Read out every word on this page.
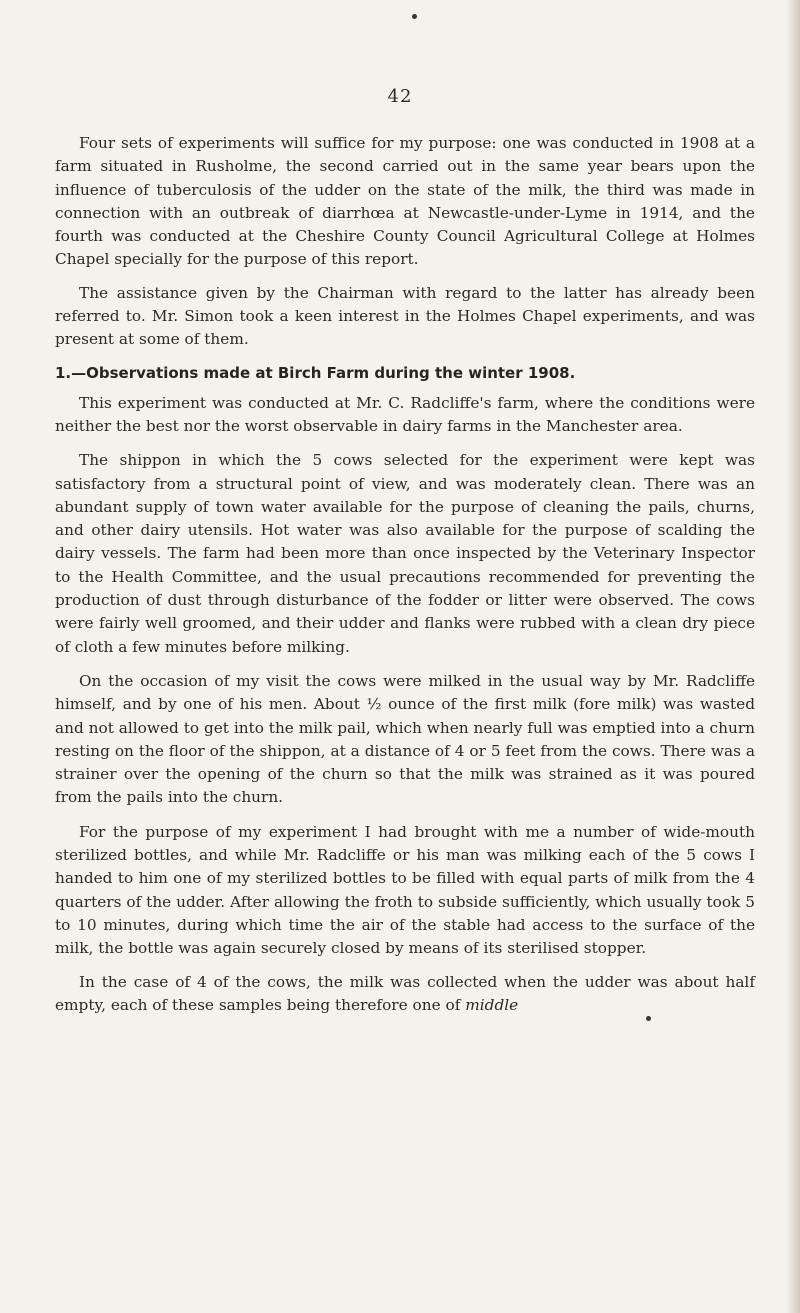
42

Four sets of experiments will suffice for my purpose: one was conducted in 1908 at a farm situated in Rusholme, the second carried out in the same year bears upon the influence of tuberculosis of the udder on the state of the milk, the third was made in connection with an outbreak of diarrhœa at Newcastle-under-Lyme in 1914, and the fourth was conducted at the Cheshire County Council Agricultural College at Holmes Chapel specially for the purpose of this report.

The assistance given by the Chairman with regard to the latter has already been referred to. Mr. Simon took a keen interest in the Holmes Chapel experiments, and was present at some of them.

1.—Observations made at Birch Farm during the winter 1908.

This experiment was conducted at Mr. C. Radcliffe's farm, where the conditions were neither the best nor the worst observable in dairy farms in the Manchester area.

The shippon in which the 5 cows selected for the experiment were kept was satisfactory from a structural point of view, and was moderately clean. There was an abundant supply of town water available for the purpose of cleaning the pails, churns, and other dairy utensils. Hot water was also available for the purpose of scalding the dairy vessels. The farm had been more than once inspected by the Veterinary Inspector to the Health Committee, and the usual precautions recommended for preventing the production of dust through disturbance of the fodder or litter were observed. The cows were fairly well groomed, and their udder and flanks were rubbed with a clean dry piece of cloth a few minutes before milking.

On the occasion of my visit the cows were milked in the usual way by Mr. Radcliffe himself, and by one of his men. About ½ ounce of the first milk (fore milk) was wasted and not allowed to get into the milk pail, which when nearly full was emptied into a churn resting on the floor of the shippon, at a distance of 4 or 5 feet from the cows. There was a strainer over the opening of the churn so that the milk was strained as it was poured from the pails into the churn.

For the purpose of my experiment I had brought with me a number of wide-mouth sterilized bottles, and while Mr. Radcliffe or his man was milking each of the 5 cows I handed to him one of my sterilized bottles to be filled with equal parts of milk from the 4 quarters of the udder. After allowing the froth to subside sufficiently, which usually took 5 to 10 minutes, during which time the air of the stable had access to the surface of the milk, the bottle was again securely closed by means of its sterilised stopper.

In the case of 4 of the cows, the milk was collected when the udder was about half empty, each of these samples being therefore one of middle
